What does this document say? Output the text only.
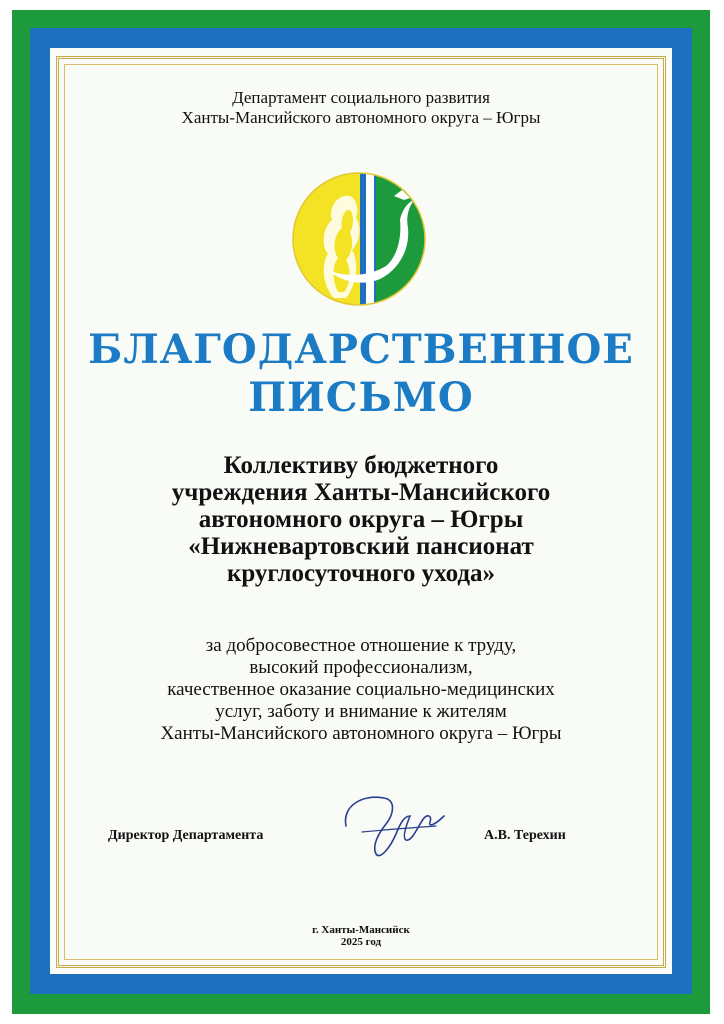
Департамент социального развития
Ханты-Мансийского автономного округа – Югры
БЛАГОДАРСТВЕННОЕ
ПИСЬМО
Коллективу бюджетного
учреждения Ханты-Мансийского
автономного округа – Югры
«Нижневартовский пансионат
круглосуточного ухода»
за добросовестное отношение к труду,
высокий профессионализм,
качественное оказание социально-медицинских
услуг, заботу и внимание к жителям
Ханты-Мансийского автономного округа – Югры
Директор Департамента	А.В. Терехин
г. Ханты-Мансийск
2025 год
